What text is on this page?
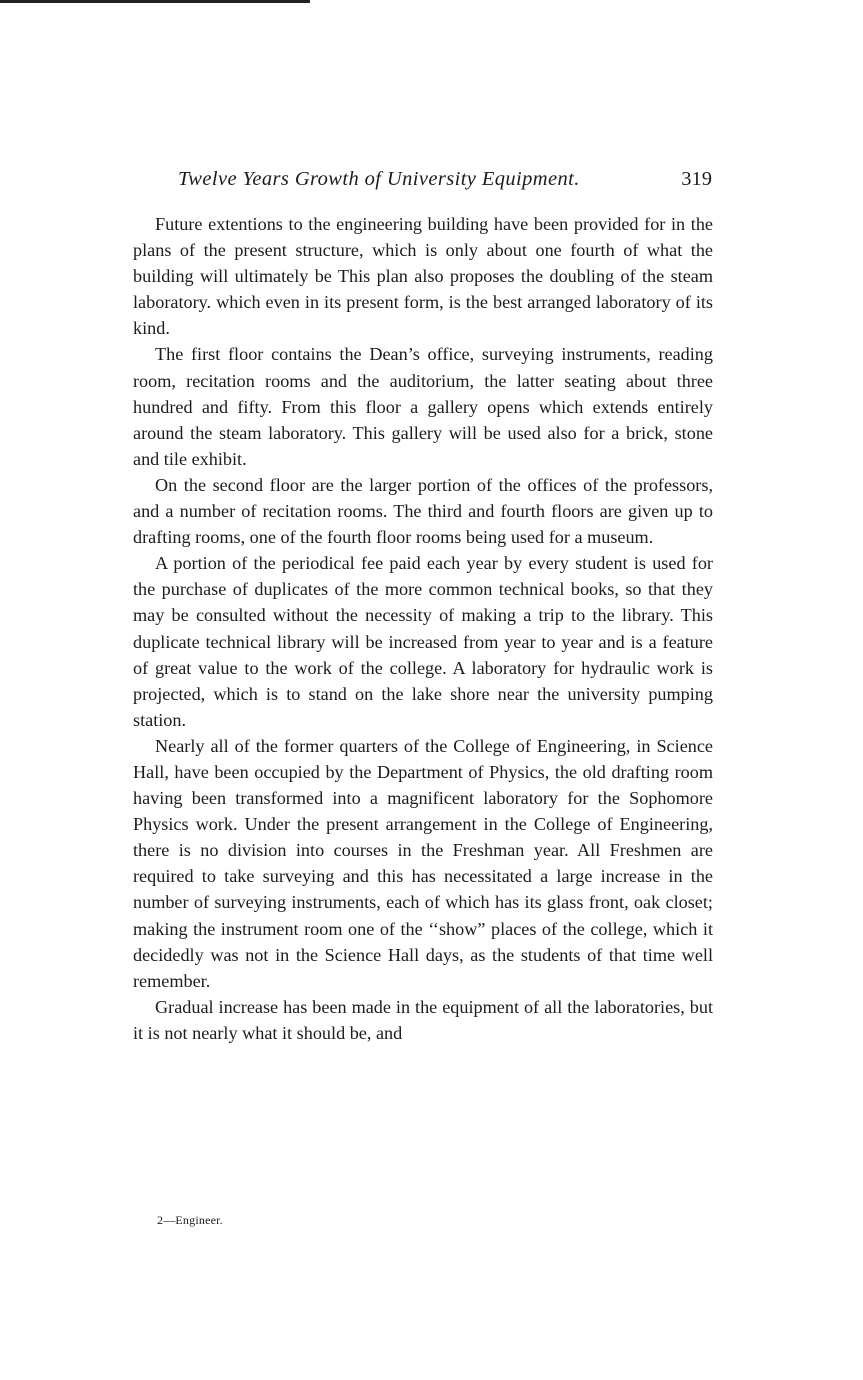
Twelve Years Growth of University Equipment.	319

Future extentions to the engineering building have been provided for in the plans of the present structure, which is only about one fourth of what the building will ultimately be This plan also proposes the doubling of the steam laboratory. which even in its present form, is the best arranged laboratory of its kind.

The first floor contains the Dean’s office, surveying instruments, reading room, recitation rooms and the auditorium, the latter seating about three hundred and fifty. From this floor a gallery opens which extends entirely around the steam laboratory. This gallery will be used also for a brick, stone and tile exhibit.

On the second floor are the larger portion of the offices of the professors, and a number of recitation rooms. The third and fourth floors are given up to drafting rooms, one of the fourth floor rooms being used for a museum.

A portion of the periodical fee paid each year by every student is used for the purchase of duplicates of the more common technical books, so that they may be consulted without the necessity of making a trip to the library. This duplicate technical library will be increased from year to year and is a feature of great value to the work of the college. A laboratory for hydraulic work is projected, which is to stand on the lake shore near the university pumping station.

Nearly all of the former quarters of the College of Engineering, in Science Hall, have been occupied by the Department of Physics, the old drafting room having been transformed into a magnificent laboratory for the Sophomore Physics work. Under the present arrangement in the College of Engineering, there is no division into courses in the Freshman year. All Freshmen are required to take surveying and this has necessitated a large increase in the number of surveying instruments, each of which has its glass front, oak closet; making the instrument room one of the ‘‘show” places of the college, which it decidedly was not in the Science Hall days, as the students of that time well remember.

Gradual increase has been made in the equipment of all the laboratories, but it is not nearly what it should be, and

2—Engineer.
